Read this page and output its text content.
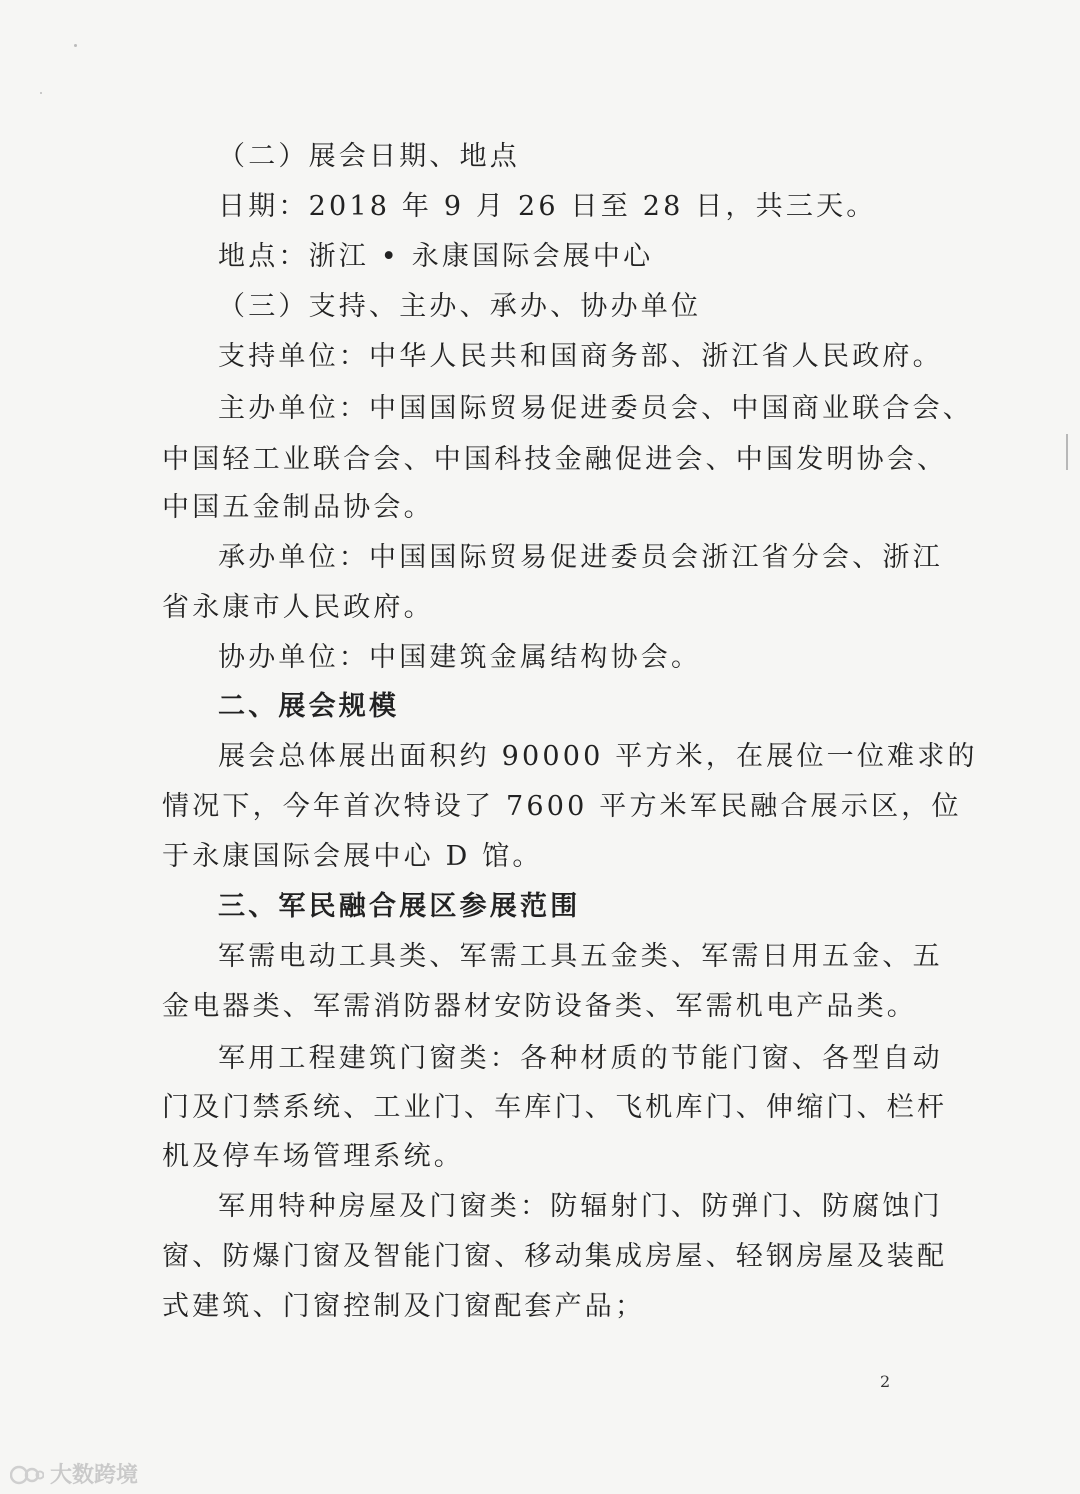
（二）展会日期、地点
日期：2018 年 9 月 26 日至 28 日，共三天。
地点：浙江 • 永康国际会展中心
（三）支持、主办、承办、协办单位
支持单位：中华人民共和国商务部、浙江省人民政府。
主办单位：中国国际贸易促进委员会、中国商业联合会、
中国轻工业联合会、中国科技金融促进会、中国发明协会、
中国五金制品协会。
承办单位：中国国际贸易促进委员会浙江省分会、浙江
省永康市人民政府。
协办单位：中国建筑金属结构协会。
二、展会规模
展会总体展出面积约 90000 平方米，在展位一位难求的
情况下，今年首次特设了 7600 平方米军民融合展示区，位
于永康国际会展中心 D 馆。
三、军民融合展区参展范围
军需电动工具类、军需工具五金类、军需日用五金、五
金电器类、军需消防器材安防设备类、军需机电产品类。
军用工程建筑门窗类：各种材质的节能门窗、各型自动
门及门禁系统、工业门、车库门、飞机库门、伸缩门、栏杆
机及停车场管理系统。
军用特种房屋及门窗类：防辐射门、防弹门、防腐蚀门
窗、防爆门窗及智能门窗、移动集成房屋、轻钢房屋及装配
式建筑、门窗控制及门窗配套产品；
2
大数跨境
